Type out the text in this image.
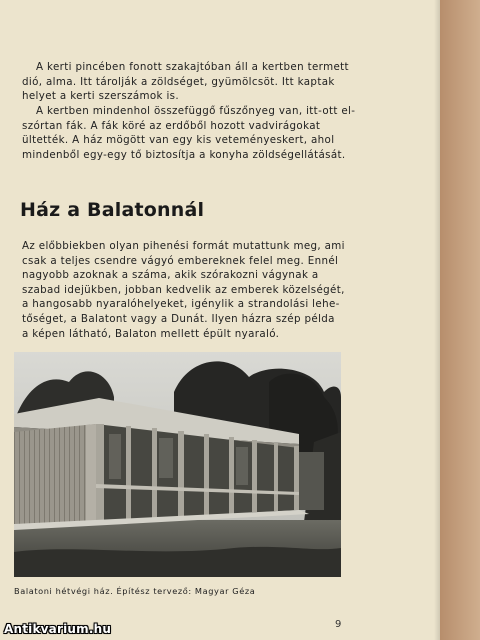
A kerti pincében fonott szakajtóban áll a kertben termett
dió, alma. Itt tárolják a zöldséget, gyümölcsöt. Itt kaptak
helyet a kerti szerszámok is.
A kertben mindenhol összefüggő fűszőnyeg van, itt-ott el-
szórtan fák. A fák köré az erdőből hozott vadvirágokat
ültették. A ház mögött van egy kis veteményeskert, ahol
mindenből egy-egy tő biztosítja a konyha zöldségellátását.
Ház a Balatonnál
Az előbbiekben olyan pihenési formát mutattunk meg, ami
csak a teljes csendre vágyó embereknek felel meg. Ennél
nagyobb azoknak a száma, akik szórakozni vágynak a
szabad idejükben, jobban kedvelik az emberek közelségét,
a hangosabb nyaralóhelyeket, igénylik a strandolási lehe-
tőséget, a Balatont vagy a Dunát. Ilyen házra szép példa
a képen látható, Balaton mellett épült nyaraló.

Balatoni hétvégi ház. Építész tervező: Magyar Géza

9

Antikvarium.hu
